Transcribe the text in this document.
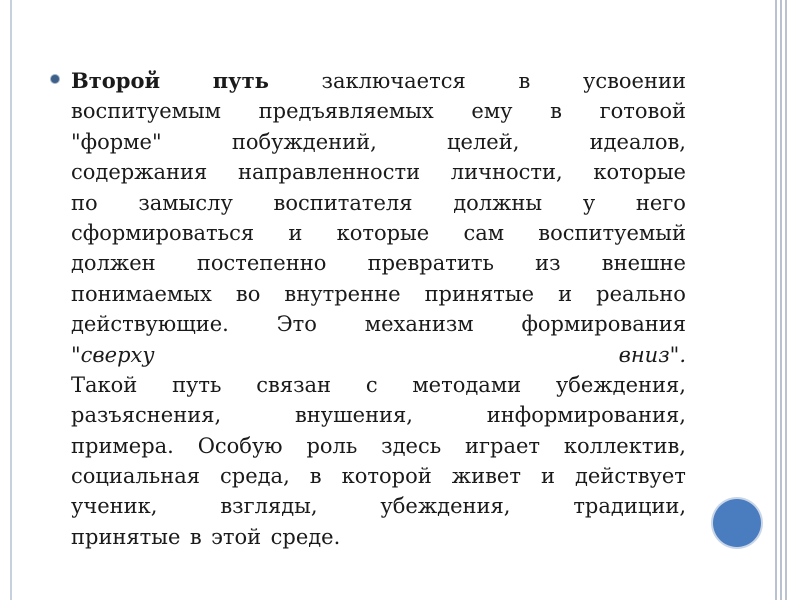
Второй	путь	заключается	в	усвоении
воспитуемым предъявляемых ему в готовой
"форме"	побуждений,	целей,	идеалов,
содержания направленности личности, которые
по замыслу воспитателя должны у него
сформироваться и которые сам воспитуемый
должен постепенно превратить из внешне
понимаемых во внутренне принятые и реально
действующие. Это механизм формирования
"сверху	вниз".
Такой путь связан с методами убеждения,
разъяснения,	внушения,	информирования,
примера. Особую роль здесь играет коллектив,
социальная среда, в которой живет и действует
ученик,	взгляды,	убеждения,	традиции,
принятые в этой среде.
